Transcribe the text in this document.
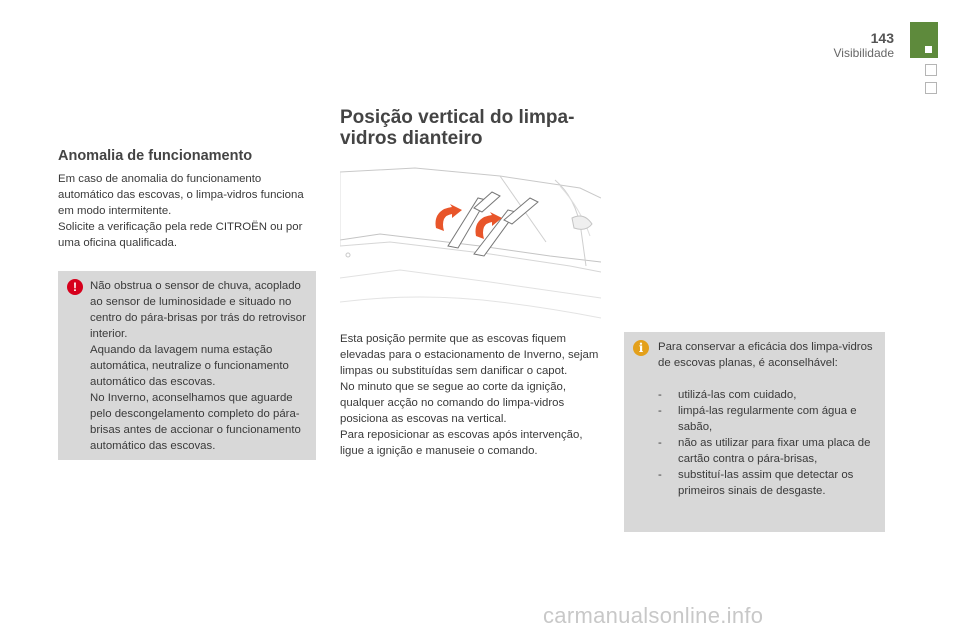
143
Visibilidade
Anomalia de funcionamento

Em caso de anomalia do funcionamento automático das escovas, o limpa-vidros funciona em modo intermitente.
Solicite a verificação pela rede CITROËN ou por uma oficina qualificada.

!	Não obstrua o sensor de chuva, acoplado ao sensor de luminosidade e situado no centro do pára-brisas por trás do retrovisor interior.
Aquando da lavagem numa estação automática, neutralize o funcionamento automático das escovas.
No Inverno, aconselhamos que aguarde pelo descongelamento completo do pára-brisas antes de accionar o funcionamento automático das escovas.

Posição vertical do limpa-vidros dianteiro

Esta posição permite que as escovas fiquem elevadas para o estacionamento de Inverno, sejam limpas ou substituídas sem danificar o capot.
No minuto que se segue ao corte da ignição, qualquer acção no comando do limpa-vidros posiciona as escovas na vertical.
Para reposicionar as escovas após intervenção, ligue a ignição e manuseie o comando.

i	Para conservar a eficácia dos limpa-vidros de escovas planas, é aconselhável:

- utilizá-las com cuidado,
- limpá-las regularmente com água e sabão,
- não as utilizar para fixar uma placa de cartão contra o pára-brisas,
- substituí-las assim que detectar os primeiros sinais de desgaste.
carmanualsonline.info
